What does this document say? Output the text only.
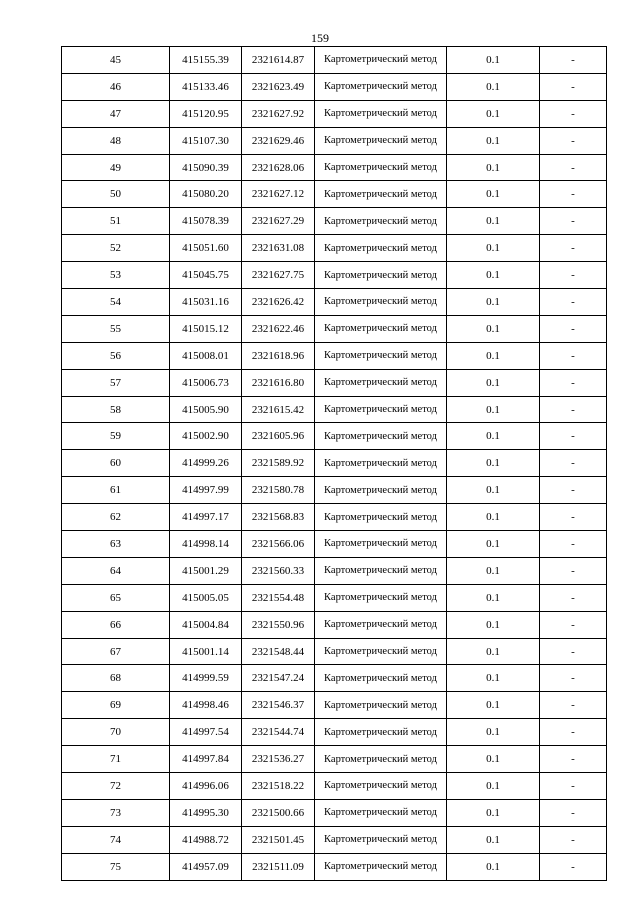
159
45	415155.39	2321614.87	Картометрический метод	0.1	-
46	415133.46	2321623.49	Картометрический метод	0.1	-
47	415120.95	2321627.92	Картометрический метод	0.1	-
48	415107.30	2321629.46	Картометрический метод	0.1	-
49	415090.39	2321628.06	Картометрический метод	0.1	-
50	415080.20	2321627.12	Картометрический метод	0.1	-
51	415078.39	2321627.29	Картометрический метод	0.1	-
52	415051.60	2321631.08	Картометрический метод	0.1	-
53	415045.75	2321627.75	Картометрический метод	0.1	-
54	415031.16	2321626.42	Картометрический метод	0.1	-
55	415015.12	2321622.46	Картометрический метод	0.1	-
56	415008.01	2321618.96	Картометрический метод	0.1	-
57	415006.73	2321616.80	Картометрический метод	0.1	-
58	415005.90	2321615.42	Картометрический метод	0.1	-
59	415002.90	2321605.96	Картометрический метод	0.1	-
60	414999.26	2321589.92	Картометрический метод	0.1	-
61	414997.99	2321580.78	Картометрический метод	0.1	-
62	414997.17	2321568.83	Картометрический метод	0.1	-
63	414998.14	2321566.06	Картометрический метод	0.1	-
64	415001.29	2321560.33	Картометрический метод	0.1	-
65	415005.05	2321554.48	Картометрический метод	0.1	-
66	415004.84	2321550.96	Картометрический метод	0.1	-
67	415001.14	2321548.44	Картометрический метод	0.1	-
68	414999.59	2321547.24	Картометрический метод	0.1	-
69	414998.46	2321546.37	Картометрический метод	0.1	-
70	414997.54	2321544.74	Картометрический метод	0.1	-
71	414997.84	2321536.27	Картометрический метод	0.1	-
72	414996.06	2321518.22	Картометрический метод	0.1	-
73	414995.30	2321500.66	Картометрический метод	0.1	-
74	414988.72	2321501.45	Картометрический метод	0.1	-
75	414957.09	2321511.09	Картометрический метод	0.1	-
